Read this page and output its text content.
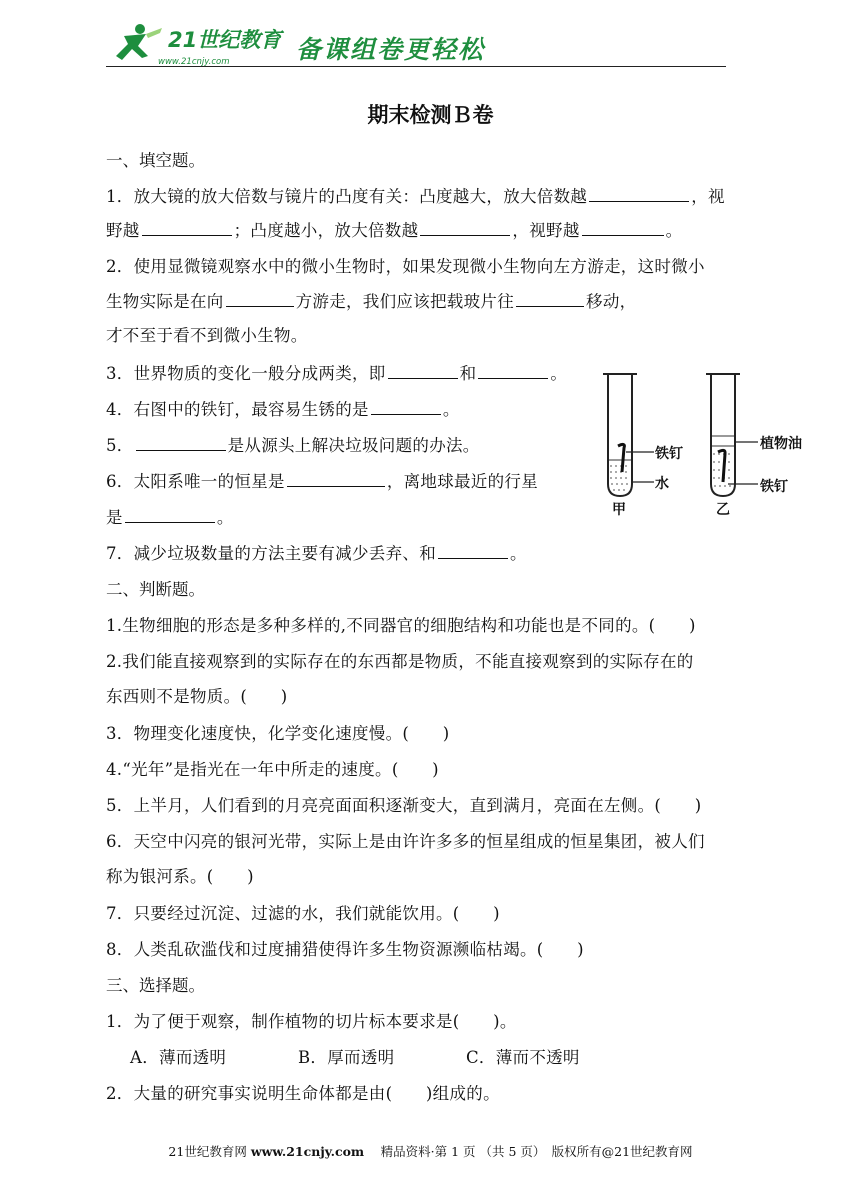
21世纪教育
www.21cnjy.com	备课组卷更轻松
期末检测Ｂ卷
一、填空题。
1．放大镜的放大倍数与镜片的凸度有关：凸度越大，放大倍数越	，视
野越	；凸度越小，放大倍数越	，视野越	。
2．使用显微镜观察水中的微小生物时，如果发现微小生物向左方游走，这时微小
生物实际是在向	方游走，我们应该把载玻片往	移动，
才不至于看不到微小生物。
3．世界物质的变化一般分成两类，即	和	。
4．右图中的铁钉，最容易生锈的是	。
5．	是从源头上解决垃圾问题的办法。
6．太阳系唯一的恒星是	，离地球最近的行星
是	。
7．减少垃圾数量的方法主要有减少丢弃、和	。
铁钉
水
植物油
铁钉
甲	乙
二、判断题。
1.生物细胞的形态是多种多样的,不同器官的细胞结构和功能也是不同的。(　　)
2.我们能直接观察到的实际存在的东西都是物质，不能直接观察到的实际存在的
东西则不是物质。(　　)
3．物理变化速度快，化学变化速度慢。(　　)
4.“光年”是指光在一年中所走的速度。(　　)
5．上半月，人们看到的月亮亮面面积逐渐变大，直到满月，亮面在左侧。(　　)
6．天空中闪亮的银河光带，实际上是由许许多多的恒星组成的恒星集团，被人们
称为银河系。(　　)
7．只要经过沉淀、过滤的水，我们就能饮用。(　　)
8．人类乱砍滥伐和过度捕猎使得许多生物资源濒临枯竭。(　　)
三、选择题。
1．为了便于观察，制作植物的切片标本要求是(　　)。
A．薄而透明	B．厚而透明	C．薄而不透明
2．大量的研究事实说明生命体都是由(　　)组成的。
21世纪教育网 www.21cnjy.com 　精品资料·第 1 页 （共 5 页）　版权所有@21世纪教育网
